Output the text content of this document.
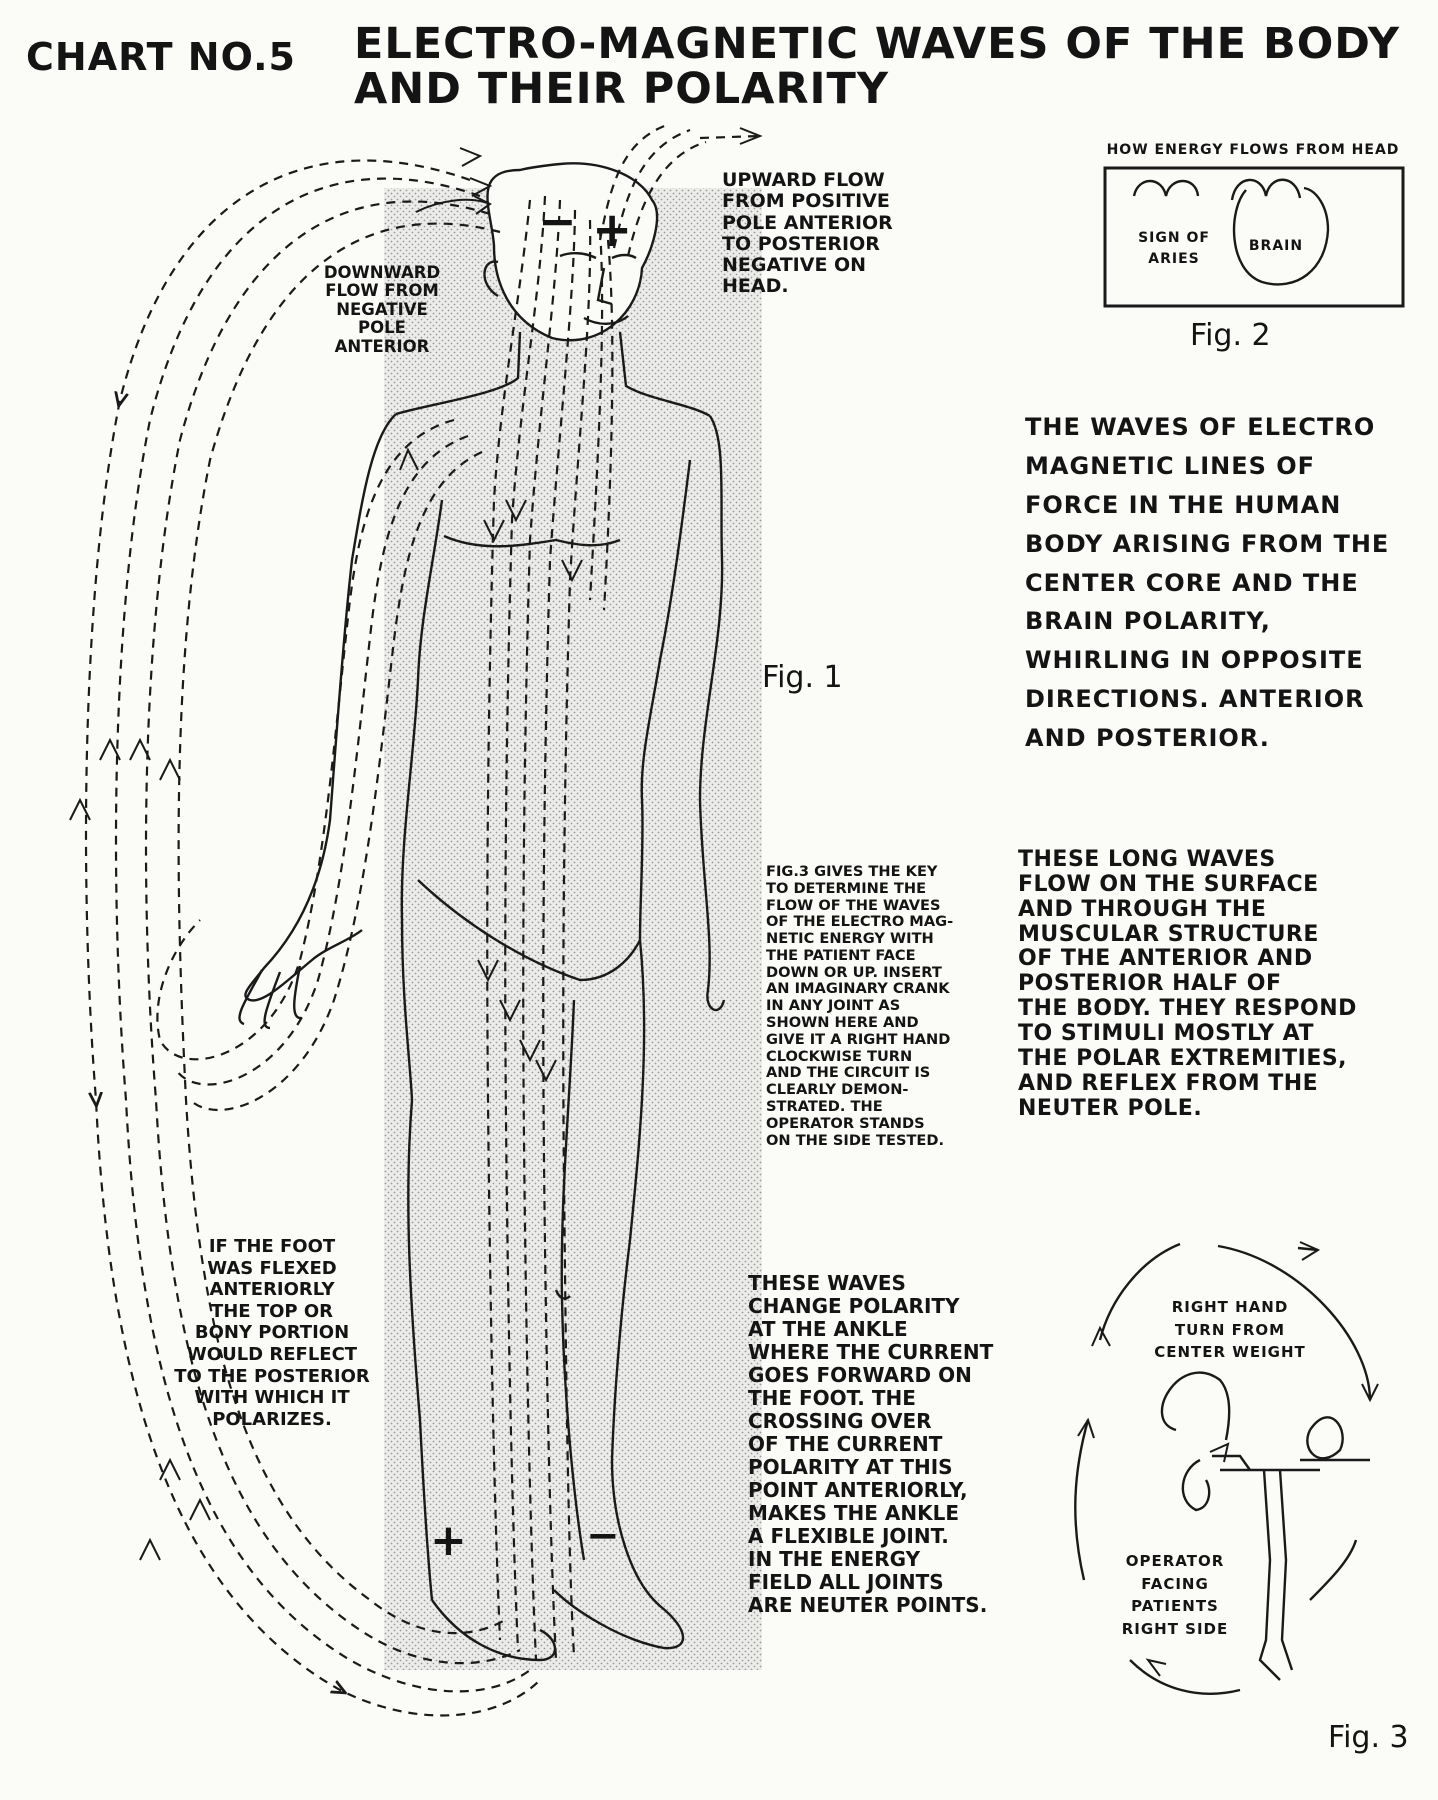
CHART NO.5 ELECTRO-MAGNETIC WAVES OF THE BODY
AND THEIR POLARITY
UPWARD FLOW
FROM POSITIVE
POLE ANTERIOR
TO POSTERIOR
NEGATIVE ON
HEAD.
DOWNWARD
FLOW FROM
NEGATIVE
POLE
ANTERIOR
− +
+	−
Fig. 1
HOW ENERGY FLOWS FROM HEAD
SIGN OF
ARIES
BRAIN
Fig. 2
THE WAVES OF ELECTRO
MAGNETIC LINES OF
FORCE IN THE HUMAN
BODY ARISING FROM THE
CENTER CORE AND THE
BRAIN POLARITY,
WHIRLING IN OPPOSITE
DIRECTIONS. ANTERIOR
AND POSTERIOR.
THESE LONG WAVES
FLOW ON THE SURFACE
AND THROUGH THE
MUSCULAR STRUCTURE
OF THE ANTERIOR AND
POSTERIOR HALF OF
THE BODY. THEY RESPOND
TO STIMULI MOSTLY AT
THE POLAR EXTREMITIES,
AND REFLEX FROM THE
NEUTER POLE.
FIG.3 GIVES THE KEY
TO DETERMINE THE
FLOW OF THE WAVES
OF THE ELECTRO MAG-
NETIC ENERGY WITH
THE PATIENT FACE
DOWN OR UP. INSERT
AN IMAGINARY CRANK
IN ANY JOINT AS
SHOWN HERE AND
GIVE IT A RIGHT HAND
CLOCKWISE TURN
AND THE CIRCUIT IS
CLEARLY DEMON-
STRATED. THE
OPERATOR STANDS
ON THE SIDE TESTED.
IF THE FOOT
WAS FLEXED
ANTERIORLY
THE TOP OR
BONY PORTION
WOULD REFLECT
TO THE POSTERIOR
WITH WHICH IT
POLARIZES.
THESE WAVES
CHANGE POLARITY
AT THE ANKLE
WHERE THE CURRENT
GOES FORWARD ON
THE FOOT. THE
CROSSING OVER
OF THE CURRENT
POLARITY AT THIS
POINT ANTERIORLY,
MAKES THE ANKLE
A FLEXIBLE JOINT.
IN THE ENERGY
FIELD ALL JOINTS
ARE NEUTER POINTS.
RIGHT HAND
TURN FROM
CENTER WEIGHT
OPERATOR
FACING
PATIENTS
RIGHT SIDE
Fig. 3
